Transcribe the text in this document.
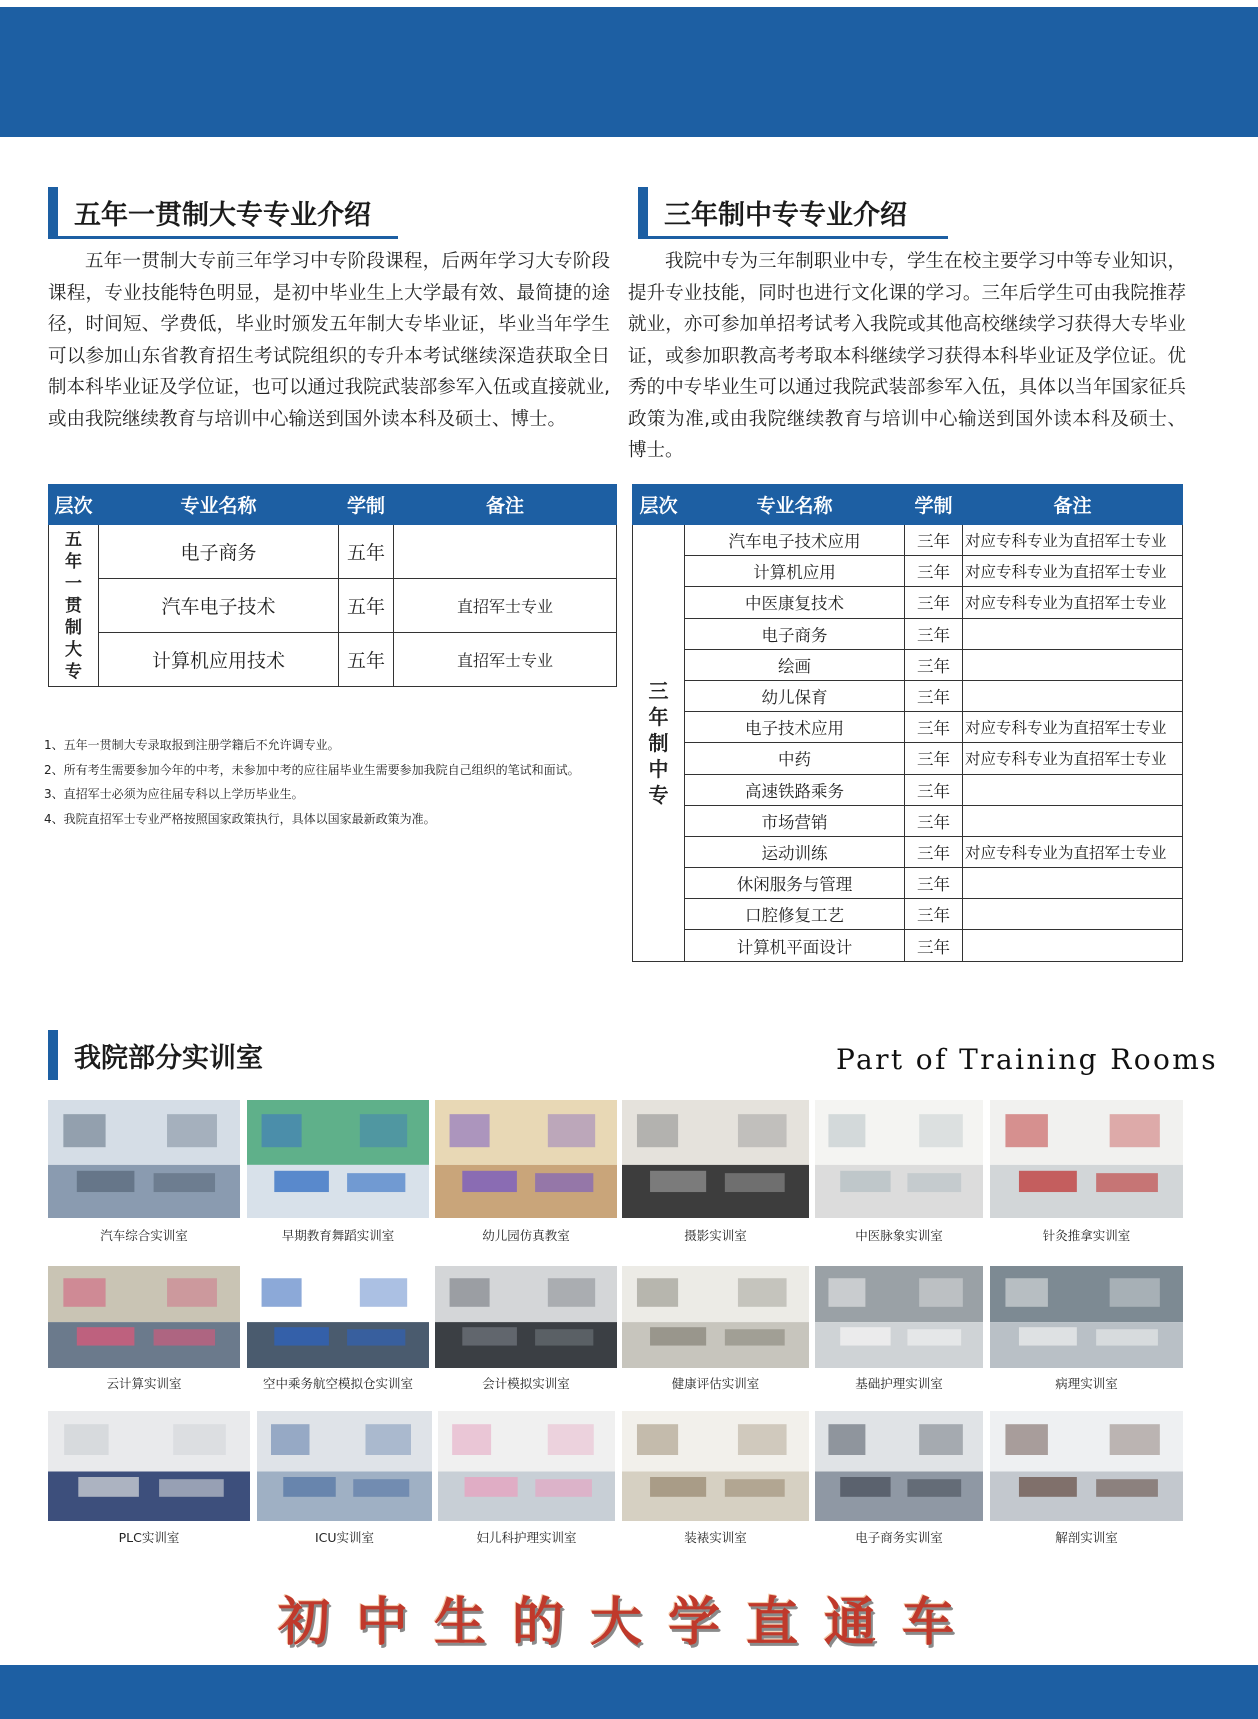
五年一贯制大专专业介绍	三年制中专专业介绍
五年一贯制大专前三年学习中专阶段课程，后两年学习大专阶段课程，专业技能特色明显，是初中毕业生上大学最有效、最简捷的途径，时间短、学费低，毕业时颁发五年制大专毕业证，毕业当年学生可以参加山东省教育招生考试院组织的专升本考试继续深造获取全日制本科毕业证及学位证，也可以通过我院武装部参军入伍或直接就业,或由我院继续教育与培训中心输送到国外读本科及硕士、博士。
我院中专为三年制职业中专，学生在校主要学习中等专业知识，提升专业技能，同时也进行文化课的学习。三年后学生可由我院推荐就业，亦可参加单招考试考入我院或其他高校继续学习获得大专毕业证，或参加职教高考考取本科继续学习获得本科毕业证及学位证。优秀的中专毕业生可以通过我院武装部参军入伍，具体以当年国家征兵政策为准,或由我院继续教育与培训中心输送到国外读本科及硕士、博士。
层次	专业名称	学制	备注
五年一贯制大专	电子商务	五年	
	汽车电子技术	五年	直招军士专业
	计算机应用技术	五年	直招军士专业

1、五年一贯制大专录取报到注册学籍后不允许调专业。

2、所有考生需要参加今年的中考，未参加中考的应往届毕业生需要参加我院自己组织的笔试和面试。

3、直招军士必须为应往届专科以上学历毕业生。

4、我院直招军士专业严格按照国家政策执行，具体以国家最新政策为准。

层次	专业名称	学制	备注
三年制中专	汽车电子技术应用	三年	对应专科专业为直招军士专业
	计算机应用	三年	对应专科专业为直招军士专业
	中医康复技术	三年	对应专科专业为直招军士专业
	电子商务	三年	
	绘画	三年	
	幼儿保育	三年	
	电子技术应用	三年	对应专科专业为直招军士专业
	中药	三年	对应专科专业为直招军士专业
	高速铁路乘务	三年	
	市场营销	三年	
	运动训练	三年	对应专科专业为直招军士专业
	休闲服务与管理	三年	
	口腔修复工艺	三年	
	计算机平面设计	三年	
我院部分实训室	Part of Training Rooms
汽车综合实训室	早期教育舞蹈实训室	幼儿园仿真教室	摄影实训室	中医脉象实训室	针灸推拿实训室
云计算实训室	空中乘务航空模拟仓实训室	会计模拟实训室	健康评估实训室	基础护理实训室	病理实训室
PLC实训室	ICU实训室	妇儿科护理实训室	装裱实训室	电子商务实训室	解剖实训室
初中生的大学直通车
